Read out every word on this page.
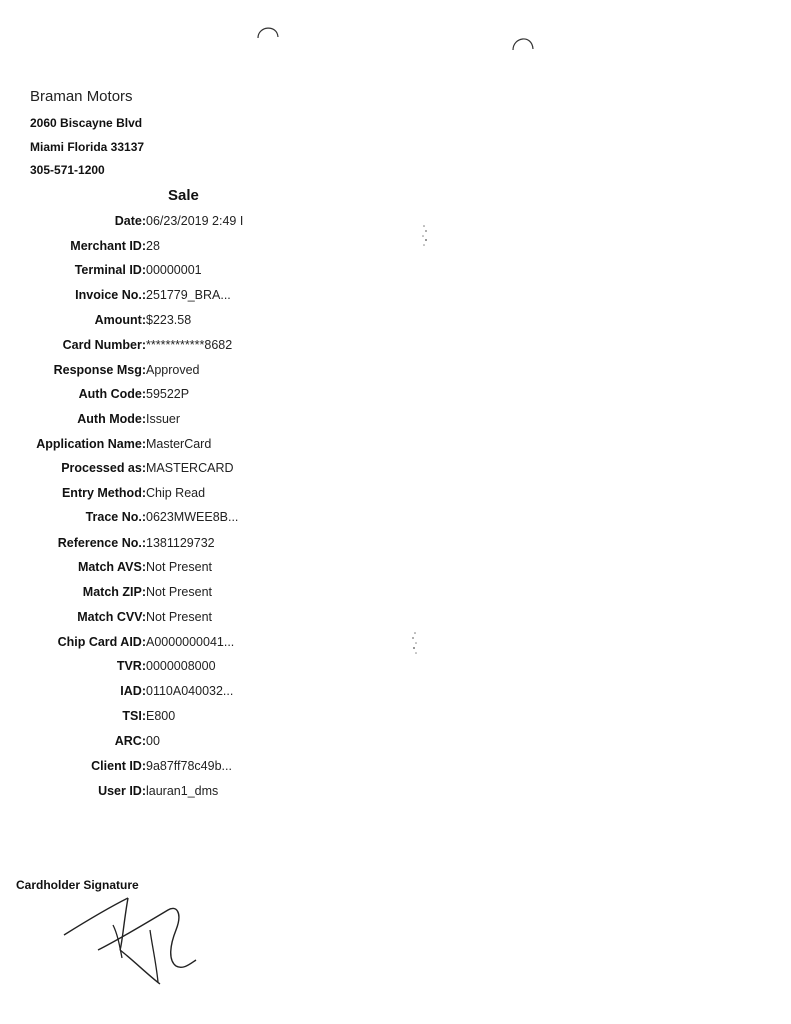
Braman Motors
2060 Biscayne Blvd
Miami Florida 33137
305-571-1200
Sale
Date: 06/23/2019 2:49 I
Merchant ID: 28
Terminal ID: 00000001
Invoice No.: 251779_BRA...
Amount: $223.58
Card Number: ************8682
Response Msg: Approved
Auth Code: 59522P
Auth Mode: Issuer
Application Name: MasterCard
Processed as: MASTERCARD
Entry Method: Chip Read
Trace No.: 0623MWEE8B...
Reference No.: 1381129732
Match AVS: Not Present
Match ZIP: Not Present
Match CVV: Not Present
Chip Card AID: A0000000041...
TVR: 0000008000
IAD: 0110A040032...
TSI: E800
ARC: 00
Client ID: 9a87ff78c49b...
User ID: lauran1_dms
Cardholder Signature
